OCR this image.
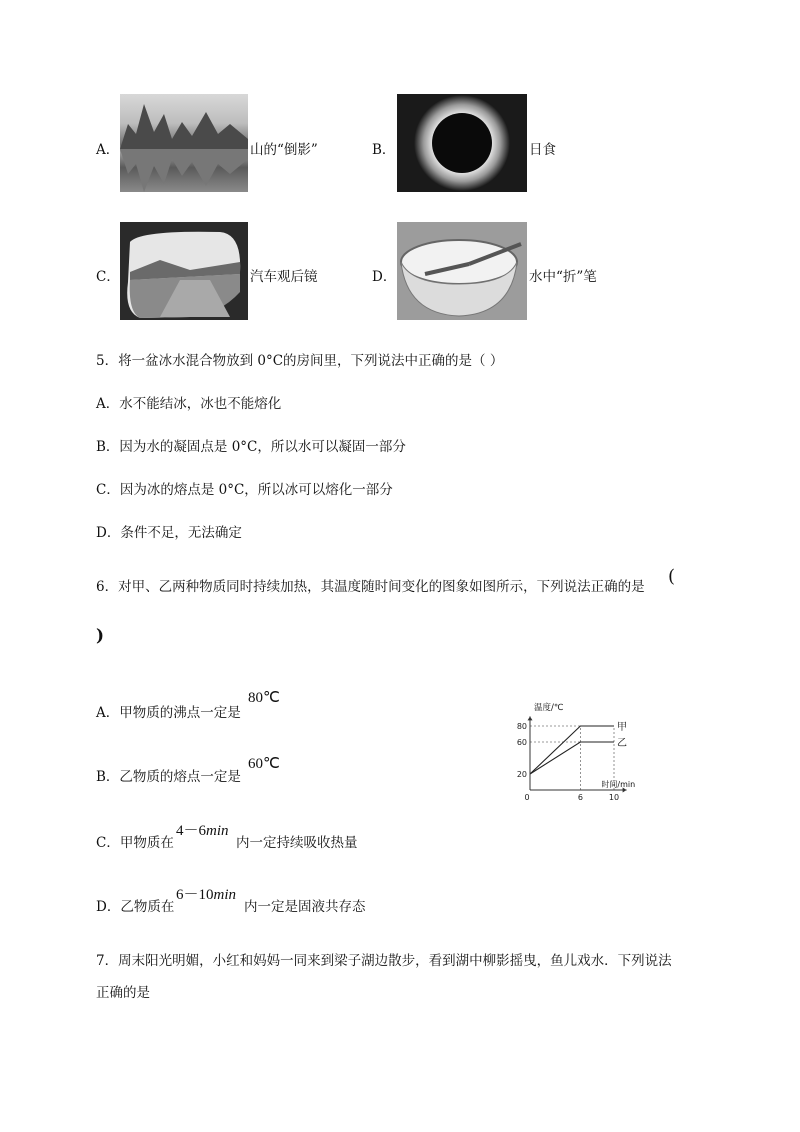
A．	山的“倒影”	B．	日食
C．	汽车观后镜	D．	水中“折”笔
5．将一盆冰水混合物放到 0°C的房间里，下列说法中正确的是（ ）
A．水不能结冰，冰也不能熔化
B．因为水的凝固点是 0°C，所以水可以凝固一部分
C．因为冰的熔点是 0°C，所以冰可以熔化一部分
D．条件不足，无法确定
6．对甲、乙两种物质同时持续加热，其温度随时间变化的图象如图所示，下列说法正确的是 (
)
A．甲物质的沸点一定是
80℃
B．乙物质的熔点一定是
60℃
C．甲物质在
4－6min
内一定持续吸收热量
D．乙物质在
6－10min
内一定是固液共存态
20
60
80
0	6	10
甲
乙
温度/℃
时间/min
7．周末阳光明媚，小红和妈妈一同来到梁子湖边散步，看到湖中柳影摇曳，鱼儿戏水．下列说法
正确的是
